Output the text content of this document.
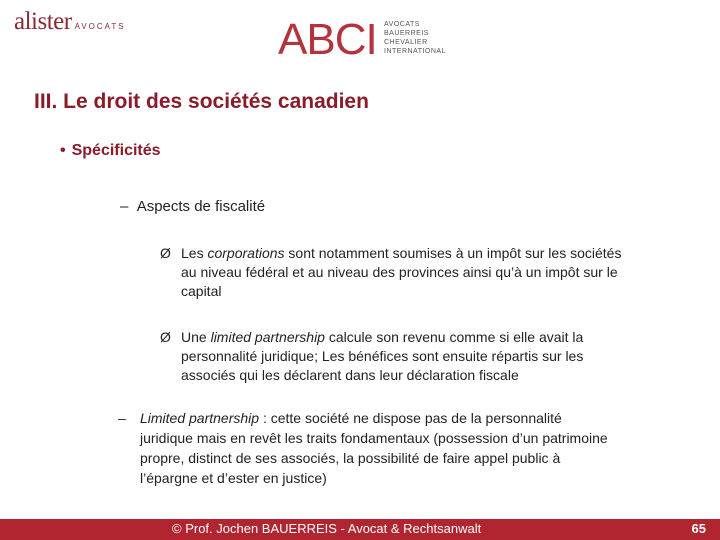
alister AVOCATS	ABCI AVOCATS
BAUERREIS
CHEVALIER
INTERNATIONAL
III. Le droit des sociétés canadien
• Spécificités
– Aspects de fiscalité
Ø Les corporations sont notamment soumises à un impôt sur les sociétés au niveau fédéral et au niveau des provinces ainsi qu’à un impôt sur le capital
Ø Une limited partnership calcule son revenu comme si elle avait la personnalité juridique; Les bénéfices sont ensuite répartis sur les associés qui les déclarent dans leur déclaration fiscale
– Limited partnership : cette société ne dispose pas de la personnalité juridique mais en revêt les traits fondamentaux (possession d’un patrimoine propre, distinct de ses associés, la possibilité de faire appel public à l’épargne et d’ester en justice)
© Prof. Jochen BAUERREIS - Avocat & Rechtsanwalt	65
